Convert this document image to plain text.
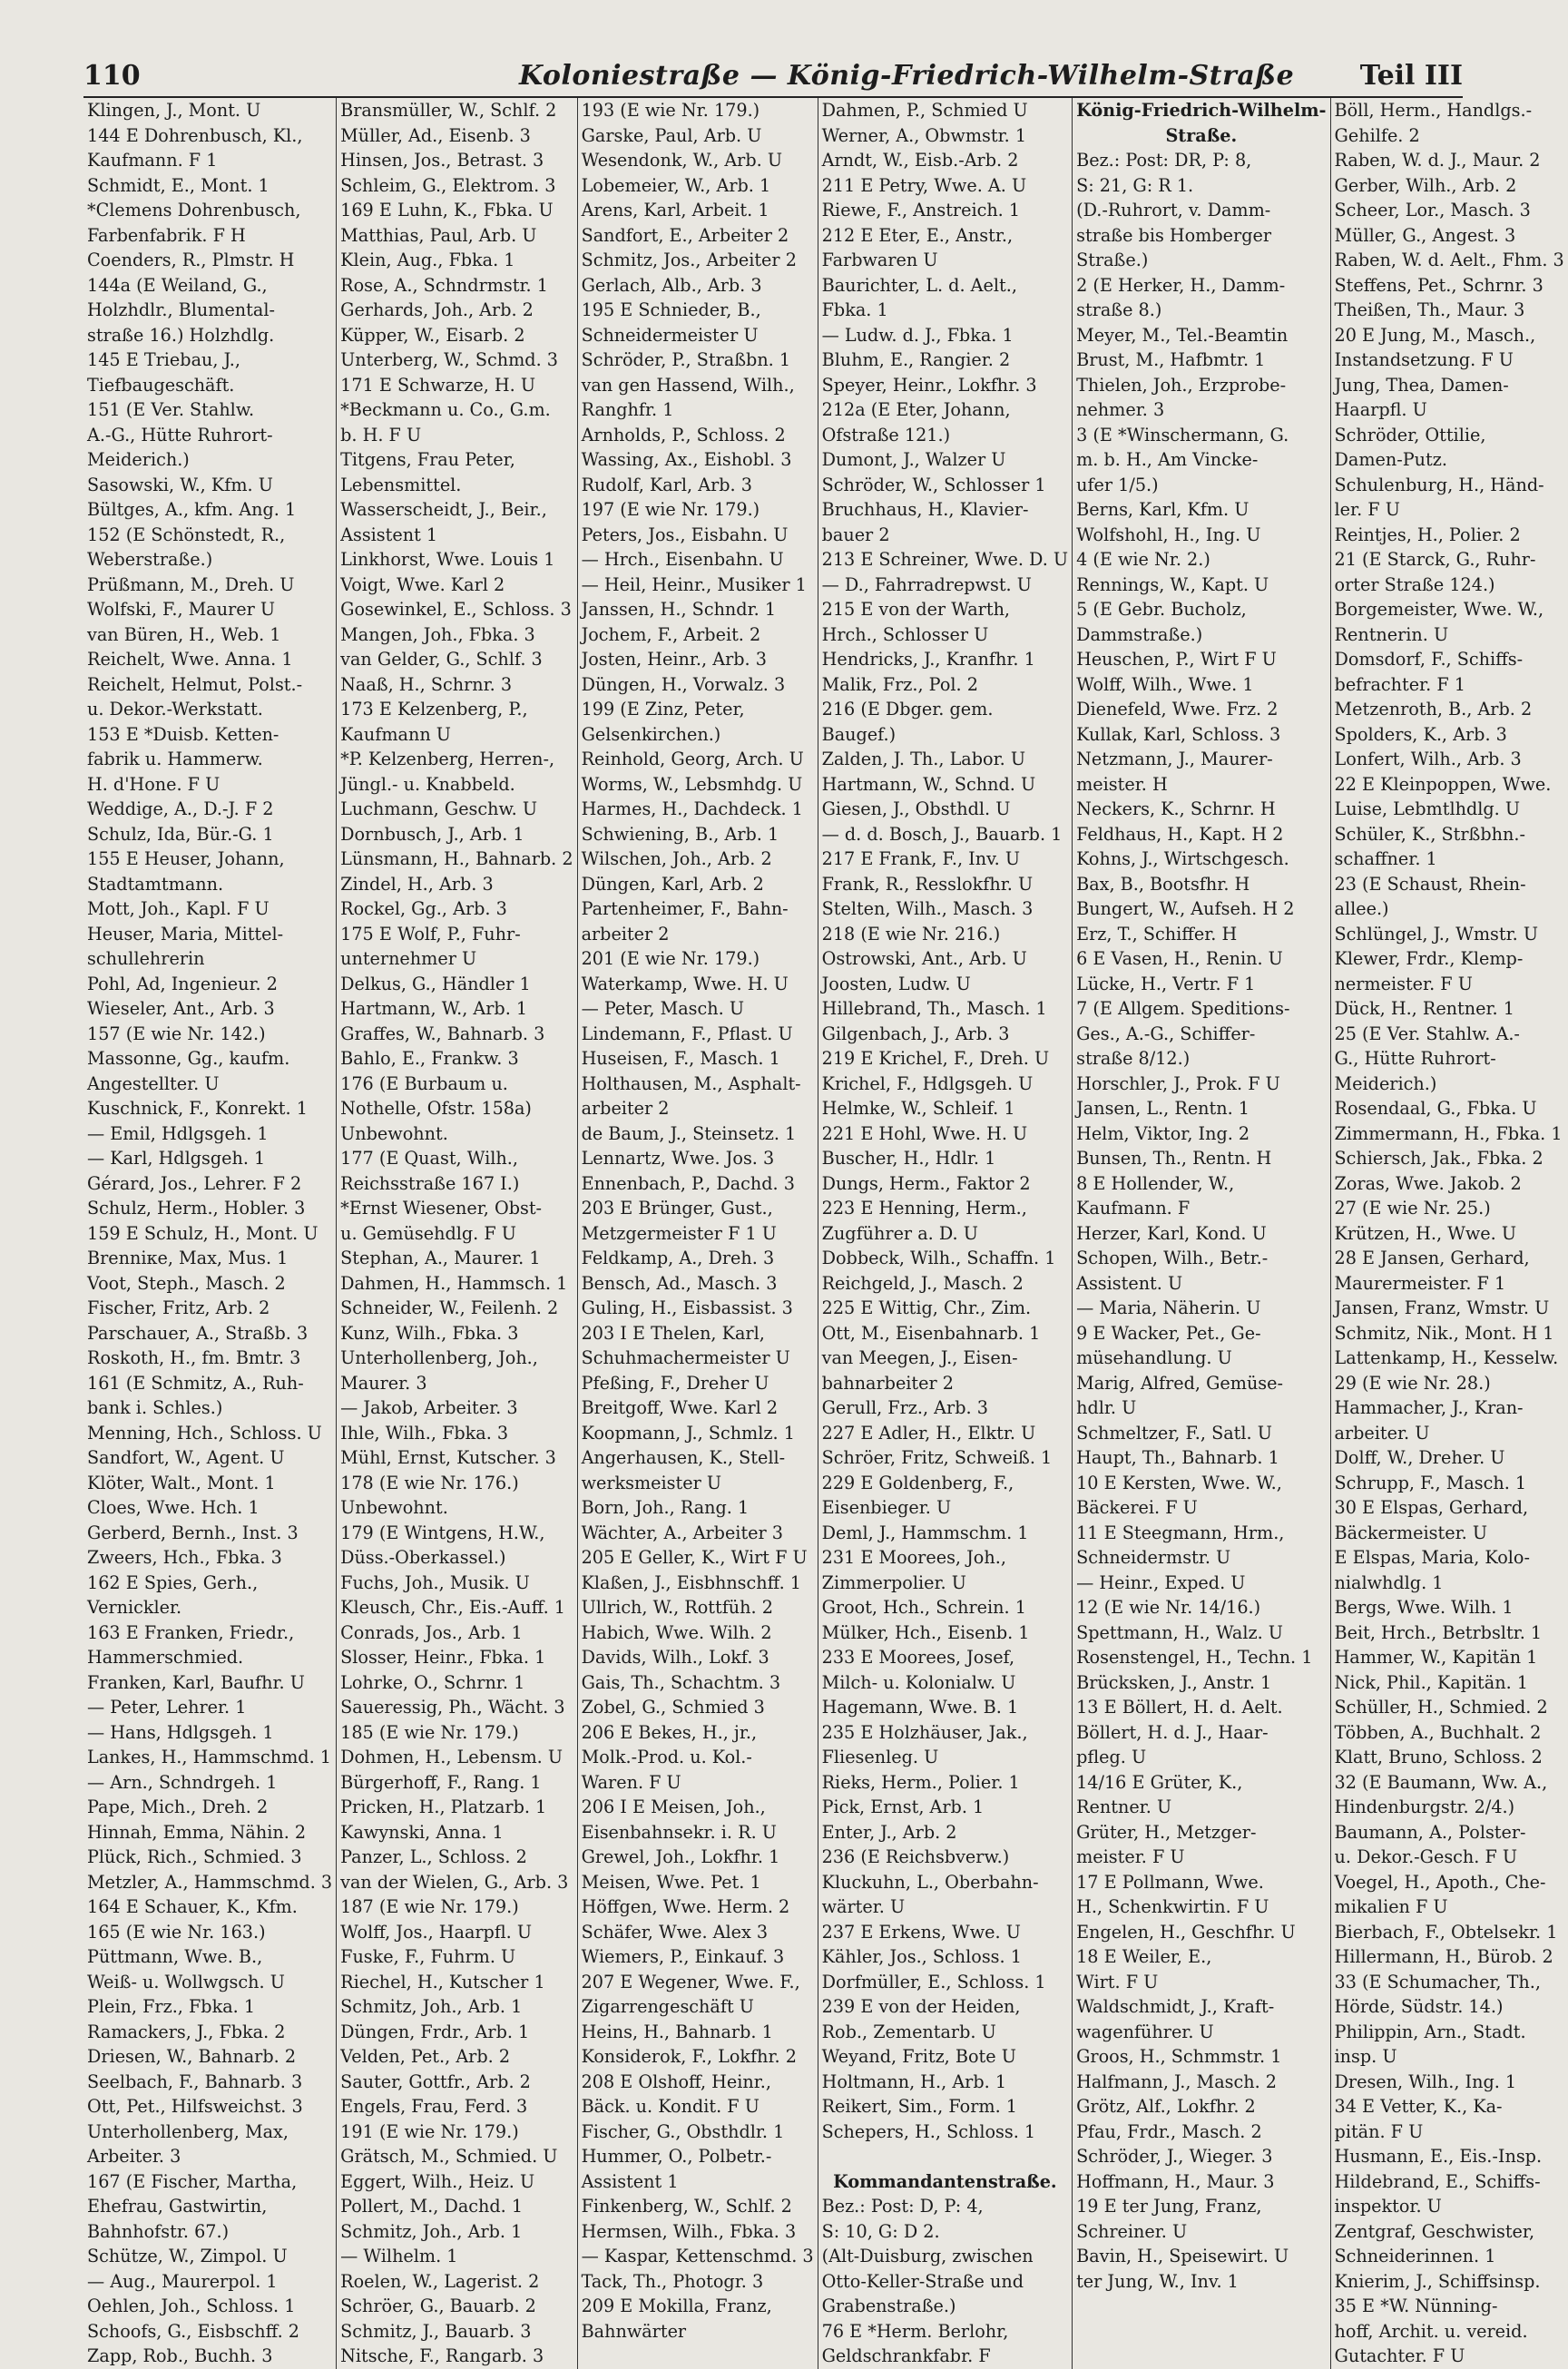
110	Koloniestraße — König-Friedrich-Wilhelm-Straße Teil III
Klingen, J., Mont. U
144 E Dohrenbusch, Kl.,
Kaufmann. F 1
Schmidt, E., Mont. 1
*Clemens Dohrenbusch,
Farbenfabrik. F H
Coenders, R., Plmstr. H
144a (E Weiland, G.,
Holzhdlr., Blumental-
straße 16.) Holzhdlg.
145 E Triebau, J.,
Tiefbaugeschäft.
151 (E Ver. Stahlw.
A.-G., Hütte Ruhrort-
Meiderich.)
Sasowski, W., Kfm. U
Bültges, A., kfm. Ang. 1
152 (E Schönstedt, R.,
Weberstraße.)
Prüßmann, M., Dreh. U
Wolfski, F., Maurer U
van Büren, H., Web. 1
Reichelt, Wwe. Anna. 1
Reichelt, Helmut, Polst.-
u. Dekor.-Werkstatt.
153 E *Duisb. Ketten-
fabrik u. Hammerw.
H. d'Hone. F U
Weddige, A., D.-J. F 2
Schulz, Ida, Bür.-G. 1
155 E Heuser, Johann,
Stadtamtmann.
Mott, Joh., Kapl. F U
Heuser, Maria, Mittel-
schullehrerin
Pohl, Ad, Ingenieur. 2
Wieseler, Ant., Arb. 3
157 (E wie Nr. 142.)
Massonne, Gg., kaufm.
Angestellter. U
Kuschnick, F., Konrekt. 1
— Emil, Hdlgsgeh. 1
— Karl, Hdlgsgeh. 1
Gérard, Jos., Lehrer. F 2
Schulz, Herm., Hobler. 3
159 E Schulz, H., Mont. U
Brenniке, Max, Mus. 1
Voot, Steph., Masch. 2
Fischer, Fritz, Arb. 2
Parschauer, A., Straßb. 3
Roskoth, H., fm. Bmtr. 3
161 (E Schmitz, A., Ruh-
bank i. Schles.)
Menning, Hch., Schloss. U
Sandfort, W., Agent. U
Klöter, Walt., Mont. 1
Cloes, Wwe. Hch. 1
Gerberd, Bernh., Inst. 3
Zweers, Hch., Fbka. 3
162 E Spies, Gerh.,
Vernickler.
163 E Franken, Friedr.,
Hammerschmied.
Franken, Karl, Baufhr. U
— Peter, Lehrer. 1
— Hans, Hdlgsgeh. 1
Lankes, H., Hammschmd. 1
— Arn., Schndrgeh. 1
Pape, Mich., Dreh. 2
Hinnah, Emma, Nähin. 2
Plück, Rich., Schmied. 3
Metzler, A., Hammschmd. 3
164 E Schauer, K., Kfm.
165 (E wie Nr. 163.)
Püttmann, Wwe. B.,
Weiß- u. Wollwgsch. U
Plein, Frz., Fbka. 1
Ramackers, J., Fbka. 2
Driesen, W., Bahnarb. 2
Seelbach, F., Bahnarb. 3
Ott, Pet., Hilfsweichst. 3
Unterhollenberg, Max,
Arbeiter. 3
167 (E Fischer, Martha,
Ehefrau, Gastwirtin,
Bahnhofstr. 67.)
Schütze, W., Zimpol. U
— Aug., Maurerpol. 1
Oehlen, Joh., Schloss. 1
Schoofs, G., Eisbschff. 2
Zapp, Rob., Buchh. 3
Bransmüller, W., Schlf. 2
Müller, Ad., Eisenb. 3
Hinsen, Jos., Betrast. 3
Schleim, G., Elektrom. 3
169 E Luhn, K., Fbka. U
Matthias, Paul, Arb. U
Klein, Aug., Fbka. 1
Rose, A., Schndrmstr. 1
Gerhards, Joh., Arb. 2
Küpper, W., Eisarb. 2
Unterberg, W., Schmd. 3
171 E Schwarze, H. U
*Beckmann u. Co., G.m.
b. H. F U
Titgens, Frau Peter,
Lebensmittel.
Wasserscheidt, J., Beir.,
Assistent 1
Linkhorst, Wwe. Louis 1
Voigt, Wwe. Karl 2
Gosewinkel, E., Schloss. 3
Mangen, Joh., Fbka. 3
van Gelder, G., Schlf. 3
Naaß, H., Schrnr. 3
173 E Kelzenberg, P.,
Kaufmann U
*P. Kelzenberg, Herren-,
Jüngl.- u. Knabbeld.
Luchmann, Geschw. U
Dornbusch, J., Arb. 1
Lünsmann, H., Bahnarb. 2
Zindel, H., Arb. 3
Rockel, Gg., Arb. 3
175 E Wolf, P., Fuhr-
unternehmer U
Delkus, G., Händler 1
Hartmann, W., Arb. 1
Graffes, W., Bahnarb. 3
Bahlo, E., Frankw. 3
176 (E Burbaum u.
Nothelle, Ofstr. 158a)
Unbewohnt.
177 (E Quast, Wilh.,
Reichsstraße 167 I.)
*Ernst Wiesener, Obst-
u. Gemüsehdlg. F U
Stephan, A., Maurer. 1
Dahmen, H., Hammsch. 1
Schneider, W., Feilenh. 2
Kunz, Wilh., Fbka. 3
Unterhollenberg, Joh.,
Maurer. 3
— Jakob, Arbeiter. 3
Ihle, Wilh., Fbka. 3
Mühl, Ernst, Kutscher. 3
178 (E wie Nr. 176.)
Unbewohnt.
179 (E Wintgens, H.W.,
Düss.-Oberkassel.)
Fuchs, Joh., Musik. U
Kleusch, Chr., Eis.-Auff. 1
Conrads, Jos., Arb. 1
Slosser, Heinr., Fbka. 1
Lohrke, O., Schrnr. 1
Saueressig, Ph., Wächt. 3
185 (E wie Nr. 179.)
Dohmen, H., Lebensm. U
Bürgerhoff, F., Rang. 1
Pricken, H., Platzarb. 1
Kawynski, Anna. 1
Panzer, L., Schloss. 2
van der Wielen, G., Arb. 3
187 (E wie Nr. 179.)
Wolff, Jos., Haarpfl. U
Fuske, F., Fuhrm. U
Riechel, H., Kutscher 1
Schmitz, Joh., Arb. 1
Düngen, Frdr., Arb. 1
Velden, Pet., Arb. 2
Sauter, Gottfr., Arb. 2
Engels, Frau, Ferd. 3
191 (E wie Nr. 179.)
Grätsch, M., Schmied. U
Eggert, Wilh., Heiz. U
Pollert, M., Dachd. 1
Schmitz, Joh., Arb. 1
— Wilhelm. 1
Roelen, W., Lagerist. 2
Schröer, G., Bauarb. 2
Schmitz, J., Bauarb. 3
Nitsche, F., Rangarb. 3
193 (E wie Nr. 179.)
Garske, Paul, Arb. U
Wesendonk, W., Arb. U
Lobemeier, W., Arb. 1
Arens, Karl, Arbeit. 1
Sandfort, E., Arbeiter 2
Schmitz, Jos., Arbeiter 2
Gerlach, Alb., Arb. 3
195 E Schnieder, B.,
Schneidermeister U
Schröder, P., Straßbn. 1
van gen Hassend, Wilh.,
Ranghfr. 1
Arnholds, P., Schloss. 2
Wassing, Ax., Eishobl. 3
Rudolf, Karl, Arb. 3
197 (E wie Nr. 179.)
Peters, Jos., Eisbahn. U
— Hrch., Eisenbahn. U
— Heil, Heinr., Musiker 1
Janssen, H., Schndr. 1
Jochem, F., Arbeit. 2
Josten, Heinr., Arb. 3
Düngen, H., Vorwalz. 3
199 (E Zinz, Peter,
Gelsenkirchen.)
Reinhold, Georg, Arch. U
Worms, W., Lebsmhdg. U
Harmes, H., Dachdeck. 1
Schwiening, B., Arb. 1
Wilschen, Joh., Arb. 2
Düngen, Karl, Arb. 2
Partenheimer, F., Bahn-
arbeiter 2
201 (E wie Nr. 179.)
Waterkamp, Wwe. H. U
— Peter, Masch. U
Lindemann, F., Pflast. U
Huseisen, F., Masch. 1
Holthausen, M., Asphalt-
arbeiter 2
de Baum, J., Steinsetz. 1
Lennartz, Wwe. Jos. 3
Ennenbach, P., Dachd. 3
203 E Brünger, Gust.,
Metzgermeister F 1 U
Feldkamp, A., Dreh. 3
Bensch, Ad., Masch. 3
Guling, H., Eisbassist. 3
203 I E Thelen, Karl,
Schuhmachermeister U
Pfeßing, F., Dreher U
Breitgoff, Wwe. Karl 2
Koopmann, J., Schmlz. 1
Angerhausen, K., Stell-
werksmeister U
Born, Joh., Rang. 1
Wächter, A., Arbeiter 3
205 E Geller, K., Wirt F U
Klaßen, J., Eisbhnschff. 1
Ullrich, W., Rottfüh. 2
Habich, Wwe. Wilh. 2
Davids, Wilh., Lokf. 3
Gais, Th., Schachtm. 3
Zobel, G., Schmied 3
206 E Bekes, H., jr.,
Molk.-Prod. u. Kol.-
Waren. F U
206 I E Meisen, Joh.,
Eisenbahnsekr. i. R. U
Grewel, Joh., Lokfhr. 1
Meisen, Wwe. Pet. 1
Höffgen, Wwe. Herm. 2
Schäfer, Wwe. Alex 3
Wiemers, P., Einkauf. 3
207 E Wegener, Wwe. F.,
Zigarrengeschäft U
Heins, H., Bahnarb. 1
Konsiderok, F., Lokfhr. 2
208 E Olshoff, Heinr.,
Bäck. u. Kondit. F U
Fischer, G., Obsthdlr. 1
Hummer, O., Polbetr.-
Assistent 1
Finkenberg, W., Schlf. 2
Hermsen, Wilh., Fbka. 3
— Kaspar, Kettenschmd. 3
Tack, Th., Photogr. 3
209 E Mokilla, Franz,
Bahnwärter
Dahmen, P., Schmied U
Werner, A., Obwmstr. 1
Arndt, W., Eisb.-Arb. 2
211 E Petry, Wwe. A. U
Riewe, F., Anstreich. 1
212 E Eter, E., Anstr.,
Farbwaren U
Baurichter, L. d. Aelt.,
Fbka. 1
— Ludw. d. J., Fbka. 1
Bluhm, E., Rangier. 2
Speyer, Heinr., Lokfhr. 3
212a (E Eter, Johann,
Ofstraße 121.)
Dumont, J., Walzer U
Schröder, W., Schlosser 1
Bruchhaus, H., Klavier-
bauer 2
213 E Schreiner, Wwe. D. U
— D., Fahrradrepwst. U
215 E von der Warth,
Hrch., Schlosser U
Hendricks, J., Kranfhr. 1
Malik, Frz., Pol. 2
216 (E Dbger. gem.
Baugef.)
Zalden, J. Th., Labor. U
Hartmann, W., Schnd. U
Giesen, J., Obsthdl. U
— d. d. Bosch, J., Bauarb. 1
217 E Frank, F., Inv. U
Frank, R., Resslokfhr. U
Stelten, Wilh., Masch. 3
218 (E wie Nr. 216.)
Ostrowski, Ant., Arb. U
Joosten, Ludw. U
Hillebrand, Th., Masch. 1
Gilgenbach, J., Arb. 3
219 E Krichel, F., Dreh. U
Krichel, F., Hdlgsgeh. U
Helmke, W., Schleif. 1
221 E Hohl, Wwe. H. U
Buscher, H., Hdlr. 1
Dungs, Herm., Faktor 2
223 E Henning, Herm.,
Zugführer a. D. U
Dobbeck, Wilh., Schaffn. 1
Reichgeld, J., Masch. 2
225 E Wittig, Chr., Zim.
Ott, M., Eisenbahnarb. 1
van Meegen, J., Eisen-
bahnarbeiter 2
Gerull, Frz., Arb. 3
227 E Adler, H., Elktr. U
Schröer, Fritz, Schweiß. 1
229 E Goldenberg, F.,
Eisenbieger. U
Deml, J., Hammschm. 1
231 E Moorees, Joh.,
Zimmerpolier. U
Groot, Hch., Schrein. 1
Mülker, Hch., Eisenb. 1
233 E Moorees, Josef,
Milch- u. Kolonialw. U
Hagemann, Wwe. B. 1
235 E Holzhäuser, Jak.,
Fliesenleg. U
Rieks, Herm., Polier. 1
Pick, Ernst, Arb. 1
Enter, J., Arb. 2
236 (E Reichsbverw.)
Kluckuhn, L., Oberbahn-
wärter. U
237 E Erkens, Wwe. U
Kähler, Jos., Schloss. 1
Dorfmüller, E., Schloss. 1
239 E von der Heiden,
Rob., Zementarb. U
Weyand, Fritz, Bote U
Holtmann, H., Arb. 1
Reikert, Sim., Form. 1
Schepers, H., Schloss. 1

Kommandantenstraße.
Bez.: Post: D, P: 4,
S: 10, G: D 2.
(Alt-Duisburg, zwischen
Otto-Keller-Straße und
Grabenstraße.)
76 E *Herm. Berlohr,
Geldschrankfabr. F
König-Friedrich-Wilhelm-
Straße.
Bez.: Post: DR, P: 8,
S: 21, G: R 1.
(D.-Ruhrort, v. Damm-
straße bis Homberger
Straße.)
2 (E Herker, H., Damm-
straße 8.)
Meyer, M., Tel.-Beamtin
Brust, M., Hafbmtr. 1
Thielen, Joh., Erzprobe-
nehmer. 3
3 (E *Winschermann, G.
m. b. H., Am Vincke-
ufer 1/5.)
Berns, Karl, Kfm. U
Wolfshohl, H., Ing. U
4 (E wie Nr. 2.)
Rennings, W., Kapt. U
5 (E Gebr. Bucholz,
Dammstraße.)
Heuschen, P., Wirt F U
Wolff, Wilh., Wwe. 1
Dienefeld, Wwe. Frz. 2
Kullak, Karl, Schloss. 3
Netzmann, J., Maurer-
meister. H
Neckers, K., Schrnr. H
Feldhaus, H., Kapt. H 2
Kohns, J., Wirtschgesch.
Bax, B., Bootsfhr. H
Bungert, W., Aufseh. H 2
Erz, T., Schiffer. H
6 E Vasen, H., Renin. U
Lücke, H., Vertr. F 1
7 (E Allgem. Speditions-
Ges., A.-G., Schiffer-
straße 8/12.)
Horschler, J., Prok. F U
Jansen, L., Rentn. 1
Helm, Viktor, Ing. 2
Bunsen, Th., Rentn. H
8 E Hollender, W.,
Kaufmann. F
Herzer, Karl, Kond. U
Schopen, Wilh., Betr.-
Assistent. U
— Maria, Näherin. U
9 E Wacker, Pet., Ge-
müsehandlung. U
Marig, Alfred, Gemüse-
hdlr. U
Schmeltzer, F., Satl. U
Haupt, Th., Bahnarb. 1
10 E Kersten, Wwe. W.,
Bäckerei. F U
11 E Steegmann, Hrm.,
Schneidermstr. U
— Heinr., Exped. U
12 (E wie Nr. 14/16.)
Spettmann, H., Walz. U
Rosenstengel, H., Techn. 1
Brücksken, J., Anstr. 1
13 E Böllert, H. d. Aelt.
Böllert, H. d. J., Haar-
pfleg. U
14/16 E Grüter, K.,
Rentner. U
Grüter, H., Metzger-
meister. F U
17 E Pollmann, Wwe.
H., Schenkwirtin. F U
Engelen, H., Geschfhr. U
18 E Weiler, E.,
Wirt. F U
Waldschmidt, J., Kraft-
wagenführer. U
Groos, H., Schmmstr. 1
Halfmann, J., Masch. 2
Grötz, Alf., Lokfhr. 2
Pfau, Frdr., Masch. 2
Schröder, J., Wieger. 3
Hoffmann, H., Maur. 3
19 E ter Jung, Franz,
Schreiner. U
Bavin, H., Speisewirt. U
ter Jung, W., Inv. 1
Böll, Herm., Handlgs.-
Gehilfe. 2
Raben, W. d. J., Maur. 2
Gerber, Wilh., Arb. 2
Scheer, Lor., Masch. 3
Müller, G., Angest. 3
Raben, W. d. Aelt., Fhm. 3
Steffens, Pet., Schrnr. 3
Theißen, Th., Maur. 3
20 E Jung, M., Masch.,
Instandsetzung. F U
Jung, Thea, Damen-
Haarpfl. U
Schröder, Ottilie,
Damen-Putz.
Schulenburg, H., Händ-
ler. F U
Reintjes, H., Polier. 2
21 (E Starck, G., Ruhr-
orter Straße 124.)
Borgemeister, Wwe. W.,
Rentnerin. U
Domsdorf, F., Schiffs-
befrachter. F 1
Metzenroth, B., Arb. 2
Spolders, K., Arb. 3
Lonfert, Wilh., Arb. 3
22 E Kleinpoppen, Wwe.
Luise, Lebmtlhdlg. U
Schüler, K., Strßbhn.-
schaffner. 1
23 (E Schaust, Rhein-
allee.)
Schlüngel, J., Wmstr. U
Klewer, Frdr., Klemp-
nermeister. F U
Dück, H., Rentner. 1
25 (E Ver. Stahlw. A.-
G., Hütte Ruhrort-
Meiderich.)
Rosendaal, G., Fbka. U
Zimmermann, H., Fbka. 1
Schiersch, Jak., Fbka. 2
Zoras, Wwe. Jakob. 2
27 (E wie Nr. 25.)
Krützen, H., Wwe. U
28 E Jansen, Gerhard,
Maurermeister. F 1
Jansen, Franz, Wmstr. U
Schmitz, Nik., Mont. H 1
Lattenkamp, H., Kesselw.
29 (E wie Nr. 28.)
Hammacher, J., Kran-
arbeiter. U
Dolff, W., Dreher. U
Schrupp, F., Masch. 1
30 E Elspas, Gerhard,
Bäckermeister. U
E Elspas, Maria, Kolo-
nialwhdlg. 1
Bergs, Wwe. Wilh. 1
Beit, Hrch., Betrbsltr. 1
Hammer, W., Kapitän 1
Nick, Phil., Kapitän. 1
Schüller, H., Schmied. 2
Többen, A., Buchhalt. 2
Klatt, Bruno, Schloss. 2
32 (E Baumann, Ww. A.,
Hindenburgstr. 2/4.)
Baumann, A., Polster-
u. Dekor.-Gesch. F U
Voegel, H., Apoth., Che-
mikalien F U
Bierbach, F., Obtelsekr. 1
Hillermann, H., Bürob. 2
33 (E Schumacher, Th.,
Hörde, Südstr. 14.)
Philippin, Arn., Stadt.
insp. U
Dresen, Wilh., Ing. 1
34 E Vetter, K., Ka-
pitän. F U
Husmann, E., Eis.-Insp.
Hildebrand, E., Schiffs-
inspektor. U
Zentgraf, Geschwister,
Schneiderinnen. 1
Knierim, J., Schiffsinsp.
35 E *W. Nünning-
hoff, Archit. u. vereid.
Gutachter. F U
